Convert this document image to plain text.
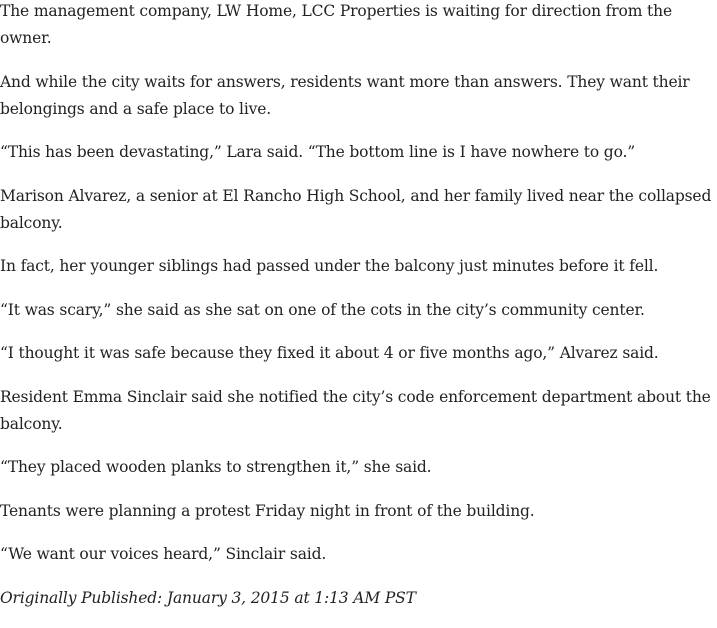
The management company, LW Home, LCC Properties is waiting for direction from the owner.

And while the city waits for answers, residents want more than answers. They want their belongings and a safe place to live.

“This has been devastating,” Lara said. “The bottom line is I have nowhere to go.”

Marison Alvarez, a senior at El Rancho High School, and her family lived near the collapsed balcony.

In fact, her younger siblings had passed under the balcony just minutes before it fell.

“It was scary,” she said as she sat on one of the cots in the city’s community center.

“I thought it was safe because they fixed it about 4 or five months ago,” Alvarez said.

Resident Emma Sinclair said she notified the city’s code enforcement department about the balcony.

“They placed wooden planks to strengthen it,” she said.

Tenants were planning a protest Friday night in front of the building.

“We want our voices heard,” Sinclair said.

Originally Published: January 3, 2015 at 1:13 AM PST
